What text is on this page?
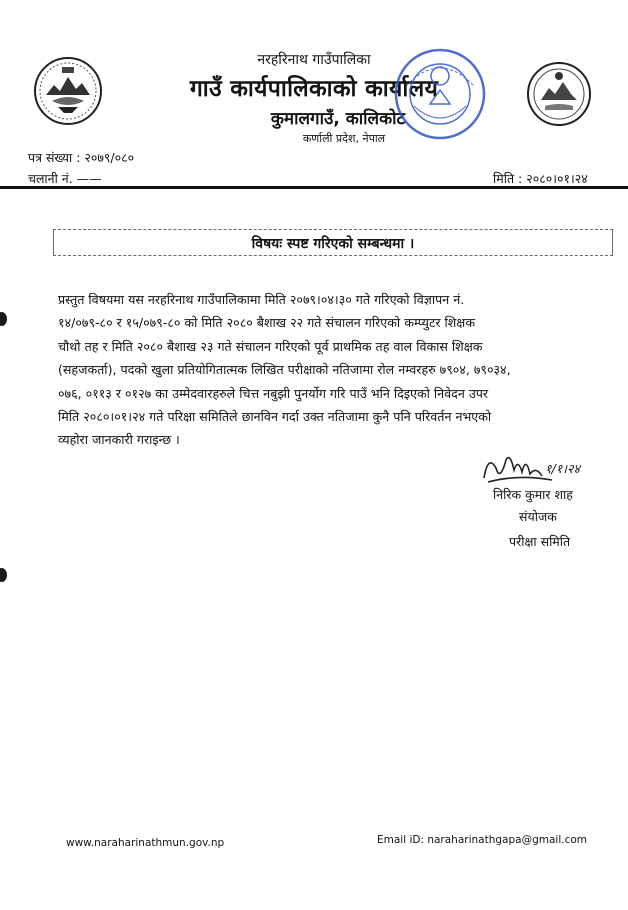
नरहरिनाथ गाउँपालिका
गाउँ कार्यपालिकाको कार्यालय
कुमालगाउँ, कालिकोट
कर्णाली प्रदेश, नेपाल
पत्र संख्या : २०७९/०८०
चलानी नं. ——	मिति : २०८०।०१।२४
विषयः स्पष्ट गरिएको सम्बन्धमा ।
प्रस्तुत विषयमा यस नरहरिनाथ गाउँपालिकामा मिति २०७९।०४।३० गते गरिएको विज्ञापन नं.
१४/०७९-८० र १५/०७९-८० को मिति २०८० बैशाख २२ गते संचालन गरिएको कम्प्युटर शिक्षक
चौथो तह र मिति २०८० बैशाख २३ गते संचालन गरिएको पूर्व प्राथमिक तह वाल विकास शिक्षक
(सहजकर्ता), पदको खुला प्रतियोगितात्मक लिखित परीक्षाको नतिजामा रोल नम्वरहरु ७९०४, ७९०३४,
०७६, ०११३ र ०१२७ का उम्मेदवारहरुले चित्त नबुझी पुनर्योग गरि पाउँ भनि दिइएको निवेदन उपर
मिति २०८०।०१।२४ गते परिक्षा समितिले छानविन गर्दा उक्त नतिजामा कुनै पनि परिवर्तन नभएको
व्यहोरा जानकारी गराइन्छ ।
१/१।२४
निरिक कुमार शाह
संयोजक
परीक्षा समिति
www.naraharinathmun.gov.np	Email iD: naraharinathgapa@gmail.com
